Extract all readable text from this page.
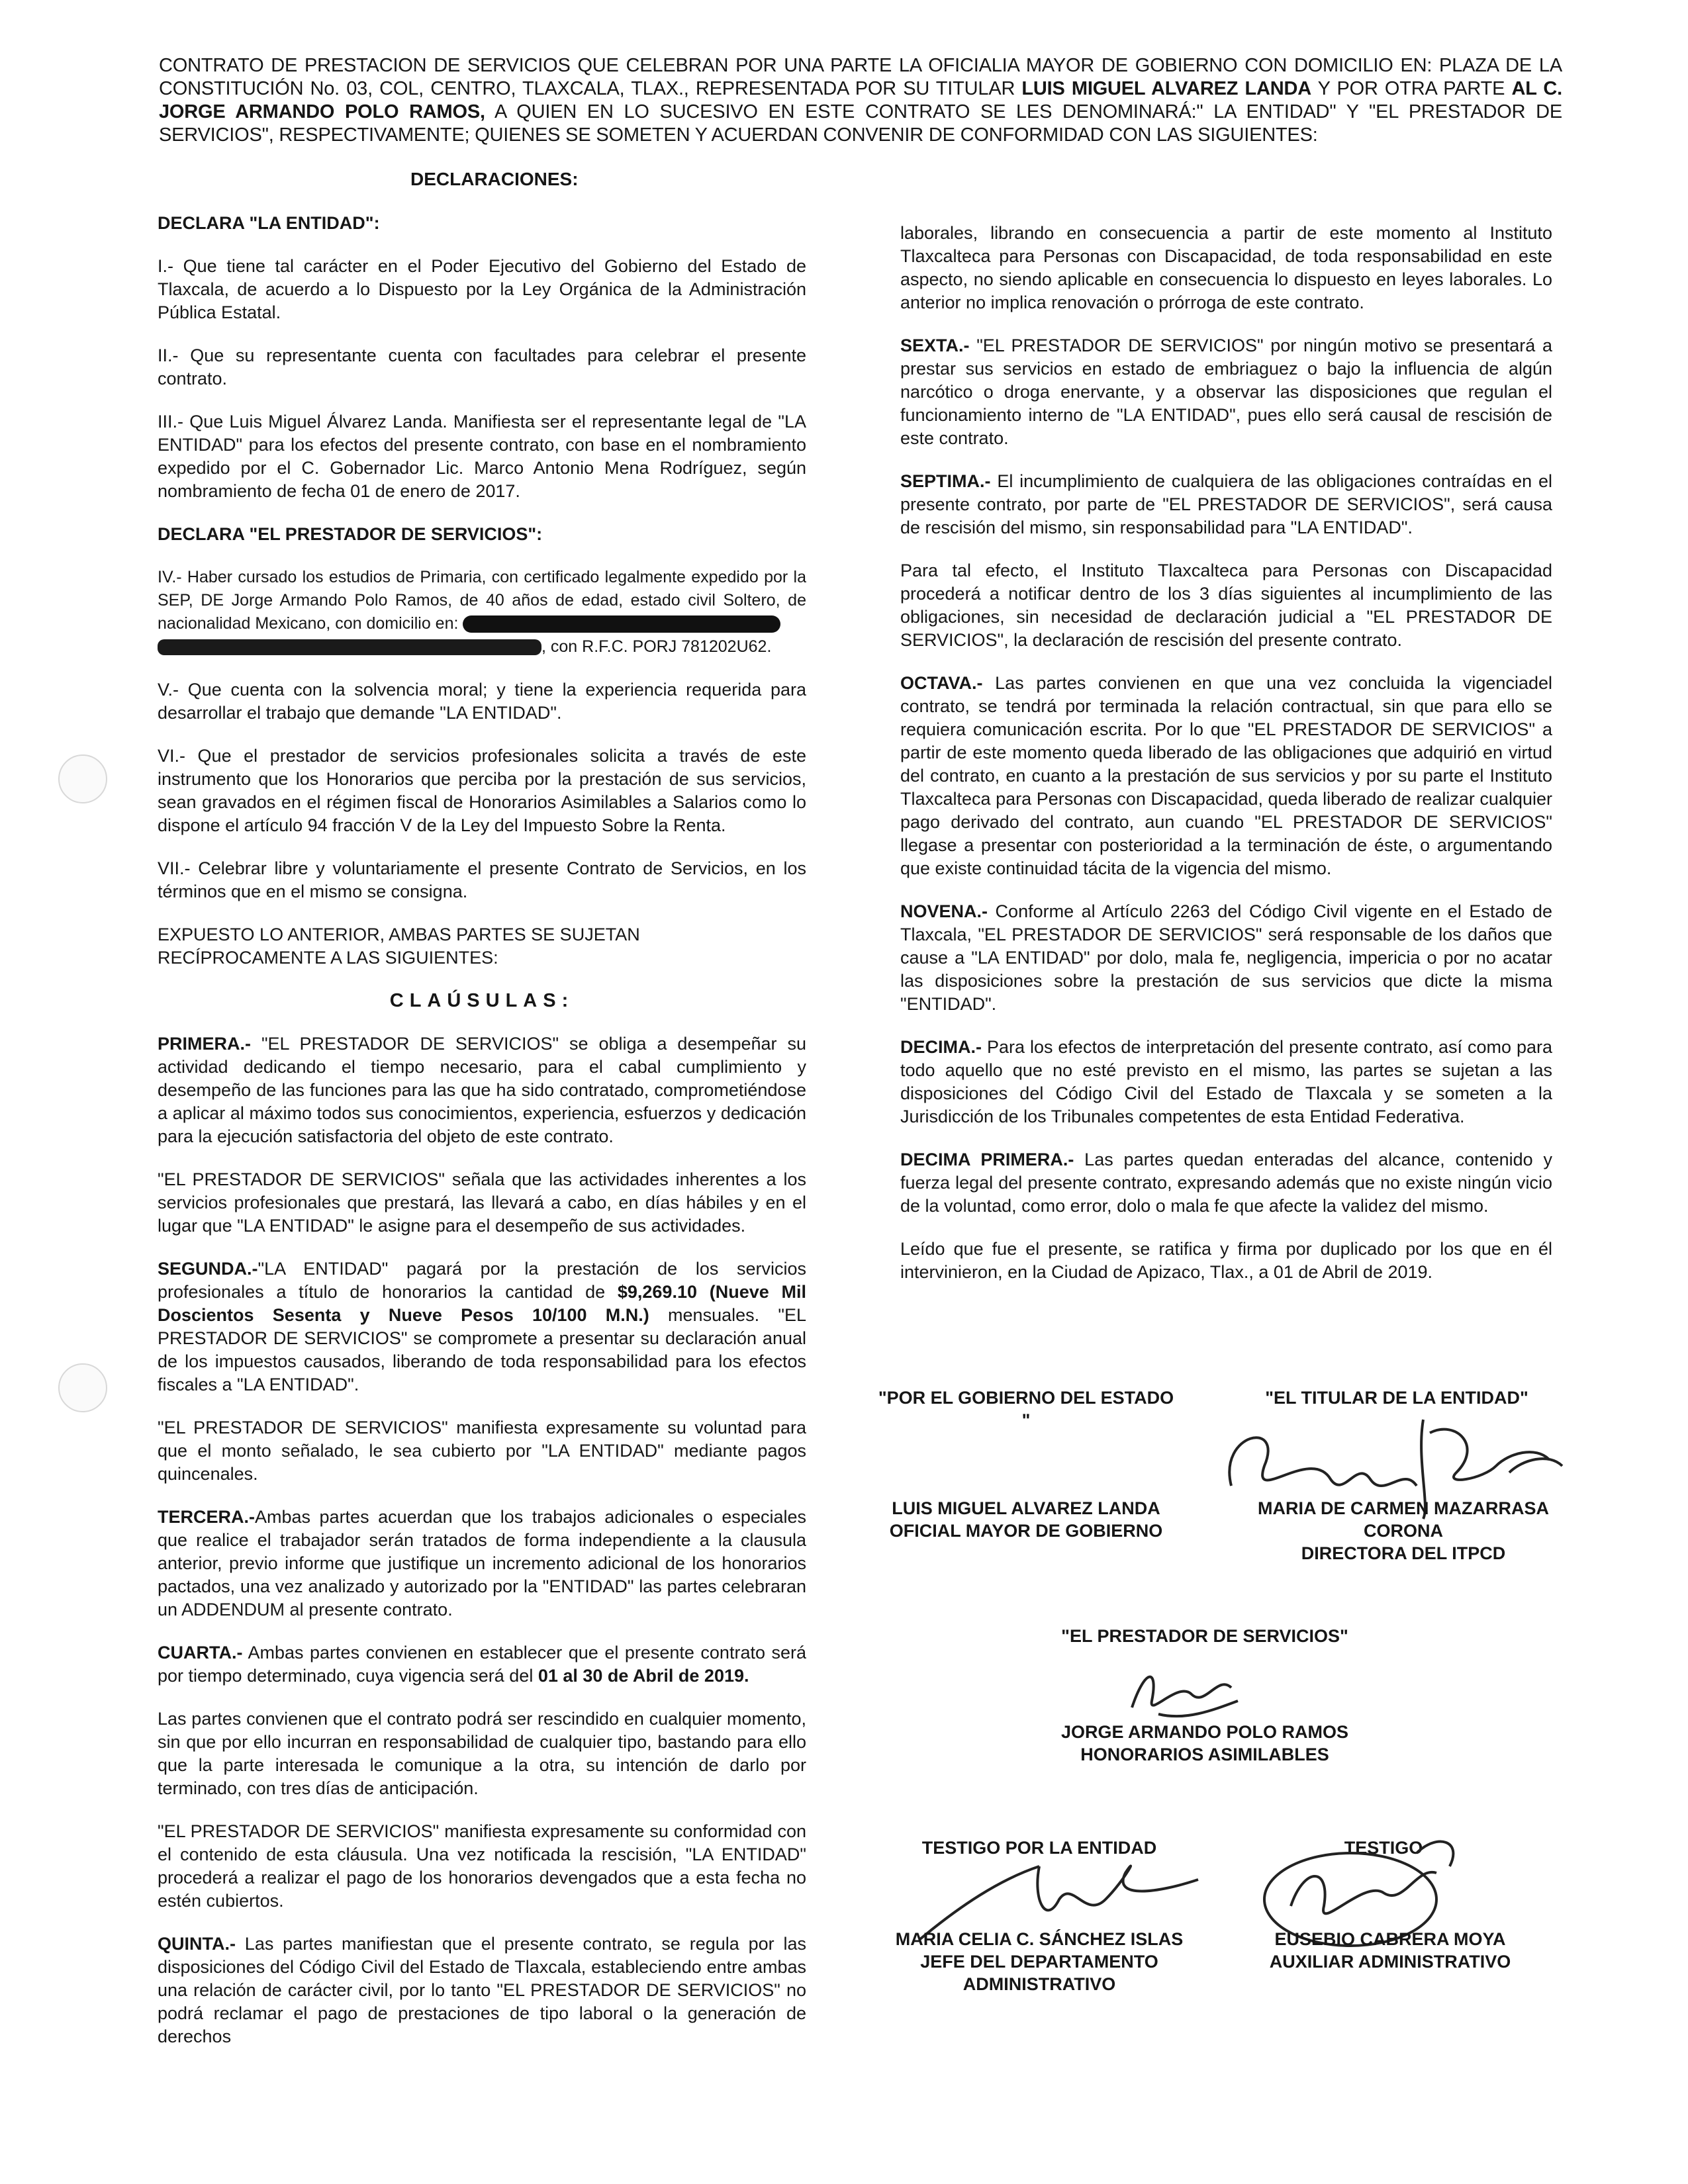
CONTRATO DE PRESTACION DE SERVICIOS QUE CELEBRAN POR UNA PARTE LA OFICIALIA MAYOR DE GOBIERNO CON DOMICILIO EN: PLAZA DE LA CONSTITUCIÓN No. 03, COL, CENTRO, TLAXCALA, TLAX., REPRESENTADA POR SU TITULAR LUIS MIGUEL ALVAREZ LANDA Y POR OTRA PARTE AL C. JORGE ARMANDO POLO RAMOS, A QUIEN EN LO SUCESIVO EN ESTE CONTRATO SE LES DENOMINARÁ:" LA ENTIDAD" Y "EL PRESTADOR DE SERVICIOS", RESPECTIVAMENTE; QUIENES SE SOMETEN Y ACUERDAN CONVENIR DE CONFORMIDAD CON LAS SIGUIENTES:
DECLARACIONES:

DECLARA "LA ENTIDAD":

I.- Que tiene tal carácter en el Poder Ejecutivo del Gobierno del Estado de Tlaxcala, de acuerdo a lo Dispuesto por la Ley Orgánica de la Administración Pública Estatal.

II.- Que su representante cuenta con facultades para celebrar el presente contrato.

III.- Que Luis Miguel Álvarez Landa. Manifiesta ser el representante legal de "LA ENTIDAD" para los efectos del presente contrato, con base en el nombramiento expedido por el C. Gobernador Lic. Marco Antonio Mena Rodríguez, según nombramiento de fecha 01 de enero de 2017.

DECLARA "EL PRESTADOR DE SERVICIOS":

IV.- Haber cursado los estudios de Primaria, con certificado legalmente expedido por la SEP, DE Jorge Armando Polo Ramos, de 40 años de edad, estado civil Soltero, de nacionalidad Mexicano, con domicilio en:
, con R.F.C. PORJ 781202U62.

V.- Que cuenta con la solvencia moral; y tiene la experiencia requerida para desarrollar el trabajo que demande "LA ENTIDAD".

VI.- Que el prestador de servicios profesionales solicita a través de este instrumento que los Honorarios que perciba por la prestación de sus servicios, sean gravados en el régimen fiscal de Honorarios Asimilables a Salarios como lo dispone el artículo 94 fracción V de la Ley del Impuesto Sobre la Renta.

VII.- Celebrar libre y voluntariamente el presente Contrato de Servicios, en los términos que en el mismo se consigna.

EXPUESTO LO ANTERIOR, AMBAS PARTES SE SUJETAN RECÍPROCAMENTE A LAS SIGUIENTES:

CLAÚSULAS:

PRIMERA.- "EL PRESTADOR DE SERVICIOS" se obliga a desempeñar su actividad dedicando el tiempo necesario, para el cabal cumplimiento y desempeño de las funciones para las que ha sido contratado, comprometiéndose a aplicar al máximo todos sus conocimientos, experiencia, esfuerzos y dedicación para la ejecución satisfactoria del objeto de este contrato.

"EL PRESTADOR DE SERVICIOS" señala que las actividades inherentes a los servicios profesionales que prestará, las llevará a cabo, en días hábiles y en el lugar que "LA ENTIDAD" le asigne para el desempeño de sus actividades.

SEGUNDA.-"LA ENTIDAD" pagará por la prestación de los servicios profesionales a título de honorarios la cantidad de $9,269.10 (Nueve Mil Doscientos Sesenta y Nueve Pesos 10/100 M.N.) mensuales. "EL PRESTADOR DE SERVICIOS" se compromete a presentar su declaración anual de los impuestos causados, liberando de toda responsabilidad para los efectos fiscales a "LA ENTIDAD".

"EL PRESTADOR DE SERVICIOS" manifiesta expresamente su voluntad para que el monto señalado, le sea cubierto por "LA ENTIDAD" mediante pagos quincenales.

TERCERA.-Ambas partes acuerdan que los trabajos adicionales o especiales que realice el trabajador serán tratados de forma independiente a la clausula anterior, previo informe que justifique un incremento adicional de los honorarios pactados, una vez analizado y autorizado por la "ENTIDAD" las partes celebraran un ADDENDUM al presente contrato.

CUARTA.- Ambas partes convienen en establecer que el presente contrato será por tiempo determinado, cuya vigencia será del 01 al 30 de Abril de 2019.

Las partes convienen que el contrato podrá ser rescindido en cualquier momento, sin que por ello incurran en responsabilidad de cualquier tipo, bastando para ello que la parte interesada le comunique a la otra, su intención de darlo por terminado, con tres días de anticipación.

"EL PRESTADOR DE SERVICIOS" manifiesta expresamente su conformidad con el contenido de esta cláusula. Una vez notificada la rescisión, "LA ENTIDAD" procederá a realizar el pago de los honorarios devengados que a esta fecha no estén cubiertos.

QUINTA.- Las partes manifiestan que el presente contrato, se regula por las disposiciones del Código Civil del Estado de Tlaxcala, estableciendo entre ambas una relación de carácter civil, por lo tanto "EL PRESTADOR DE SERVICIOS" no podrá reclamar el pago de prestaciones de tipo laboral o la generación de derechos

laborales, librando en consecuencia a partir de este momento al Instituto Tlaxcalteca para Personas con Discapacidad, de toda responsabilidad en este aspecto, no siendo aplicable en consecuencia lo dispuesto en leyes laborales. Lo anterior no implica renovación o prórroga de este contrato.

SEXTA.- "EL PRESTADOR DE SERVICIOS" por ningún motivo se presentará a prestar sus servicios en estado de embriaguez o bajo la influencia de algún narcótico o droga enervante, y a observar las disposiciones que regulan el funcionamiento interno de "LA ENTIDAD", pues ello será causal de rescisión de este contrato.

SEPTIMA.- El incumplimiento de cualquiera de las obligaciones contraídas en el presente contrato, por parte de "EL PRESTADOR DE SERVICIOS", será causa de rescisión del mismo, sin responsabilidad para "LA ENTIDAD".

Para tal efecto, el Instituto Tlaxcalteca para Personas con Discapacidad procederá a notificar dentro de los 3 días siguientes al incumplimiento de las obligaciones, sin necesidad de declaración judicial a "EL PRESTADOR DE SERVICIOS", la declaración de rescisión del presente contrato.

OCTAVA.- Las partes convienen en que una vez concluida la vigenciadel contrato, se tendrá por terminada la relación contractual, sin que para ello se requiera comunicación escrita. Por lo que "EL PRESTADOR DE SERVICIOS" a partir de este momento queda liberado de las obligaciones que adquirió en virtud del contrato, en cuanto a la prestación de sus servicios y por su parte el Instituto Tlaxcalteca para Personas con Discapacidad, queda liberado de realizar cualquier pago derivado del contrato, aun cuando "EL PRESTADOR DE SERVICIOS" llegase a presentar con posterioridad a la terminación de éste, o argumentando que existe continuidad tácita de la vigencia del mismo.

NOVENA.- Conforme al Artículo 2263 del Código Civil vigente en el Estado de Tlaxcala, "EL PRESTADOR DE SERVICIOS" será responsable de los daños que cause a "LA ENTIDAD" por dolo, mala fe, negligencia, impericia o por no acatar las disposiciones sobre la prestación de sus servicios que dicte la misma "ENTIDAD".

DECIMA.- Para los efectos de interpretación del presente contrato, así como para todo aquello que no esté previsto en el mismo, las partes se sujetan a las disposiciones del Código Civil del Estado de Tlaxcala y se someten a la Jurisdicción de los Tribunales competentes de esta Entidad Federativa.

DECIMA PRIMERA.- Las partes quedan enteradas del alcance, contenido y fuerza legal del presente contrato, expresando además que no existe ningún vicio de la voluntad, como error, dolo o mala fe que afecte la validez del mismo.

Leído que fue el presente, se ratifica y firma por duplicado por los que en él intervinieron, en la Ciudad de Apizaco, Tlax., a 01 de Abril de 2019.

"POR EL GOBIERNO DEL ESTADO "
"EL TITULAR DE LA ENTIDAD"
LUIS MIGUEL ALVAREZ LANDA
OFICIAL MAYOR DE GOBIERNO
MARIA DE CARMEN MAZARRASA
CORONA
DIRECTORA DEL ITPCD
"EL PRESTADOR DE SERVICIOS"
JORGE ARMANDO POLO RAMOS
HONORARIOS ASIMILABLES
TESTIGO POR LA ENTIDAD	TESTIGO
MARIA CELIA C. SÁNCHEZ ISLAS
JEFE DEL DEPARTAMENTO
ADMINISTRATIVO
EUSEBIO CABRERA MOYA
AUXILIAR ADMINISTRATIVO
